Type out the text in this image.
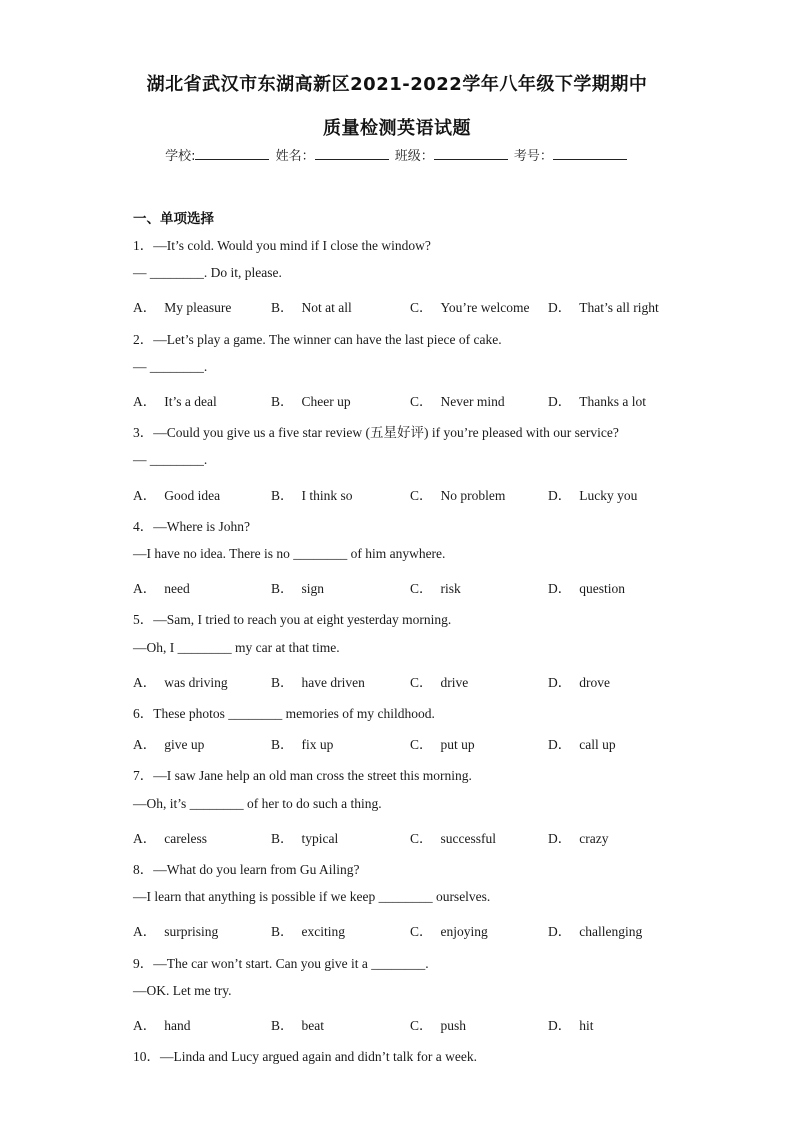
湖北省武汉市东湖高新区2021-2022学年八年级下学期期中
质量检测英语试题
学校:	姓名：	班级：	考号：
一、单项选择
1．—It’s cold. Would you mind if I close the window?
— ________. Do it, please.
A． My pleasure	B． Not at all	C． You’re welcome D． That’s all right
2．—Let’s play a game. The winner can have the last piece of cake.
— ________.
A． It’s a deal	B． Cheer up	C． Never mind	D． Thanks a lot
3．—Could you give us a five star review (五星好评) if you’re pleased with our service?
— ________.
A． Good idea	B． I think so	C． No problem	D． Lucky you
4．—Where is John?
—I have no idea. There is no ________ of him anywhere.
A． need	B． sign	C． risk	D． question
5．—Sam, I tried to reach you at eight yesterday morning.
—Oh, I ________ my car at that time.
A． was driving	B． have driven	C． drive	D． drove
6．These photos ________ memories of my childhood.
A． give up	B． fix up	C． put up	D． call up
7．—I saw Jane help an old man cross the street this morning.
—Oh, it’s ________ of her to do such a thing.
A． careless	B． typical	C． successful	D． crazy
8．—What do you learn from Gu Ailing?
—I learn that anything is possible if we keep ________ ourselves.
A． surprising	B． exciting	C． enjoying	D． challenging
9．—The car won’t start. Can you give it a ________.
—OK. Let me try.
A． hand	B． beat	C． push	D． hit
10．—Linda and Lucy argued again and didn’t talk for a week.
